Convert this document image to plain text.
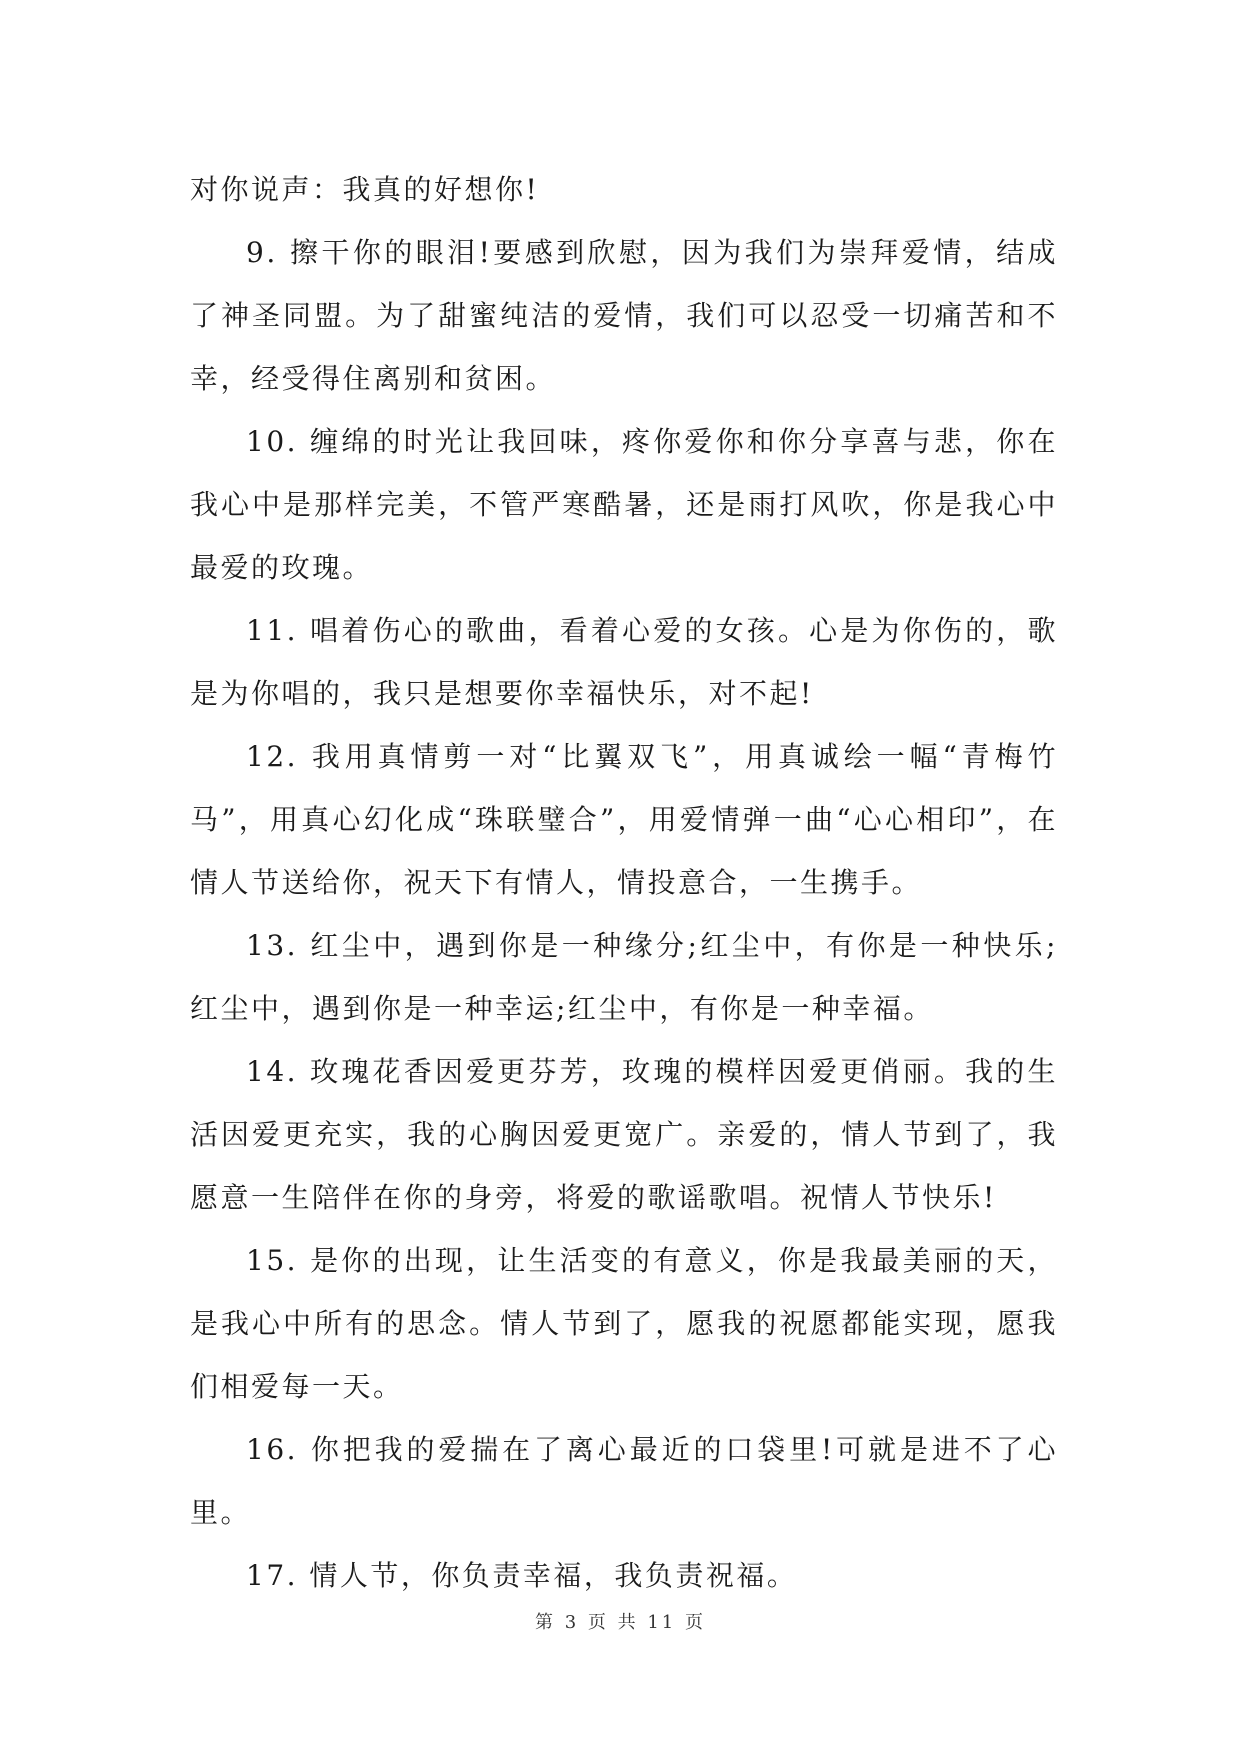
对你说声：我真的好想你!

9. 擦干你的眼泪!要感到欣慰，因为我们为崇拜爱情，结成了神圣同盟。为了甜蜜纯洁的爱情，我们可以忍受一切痛苦和不幸，经受得住离别和贫困。

10. 缠绵的时光让我回味，疼你爱你和你分享喜与悲，你在我心中是那样完美，不管严寒酷暑，还是雨打风吹，你是我心中最爱的玫瑰。

11. 唱着伤心的歌曲，看着心爱的女孩。心是为你伤的，歌是为你唱的，我只是想要你幸福快乐，对不起!

12. 我用真情剪一对“比翼双飞”，用真诚绘一幅“青梅竹马”，用真心幻化成“珠联璧合”，用爱情弹一曲“心心相印”，在情人节送给你，祝天下有情人，情投意合，一生携手。

13. 红尘中，遇到你是一种缘分;红尘中，有你是一种快乐;红尘中，遇到你是一种幸运;红尘中，有你是一种幸福。

14. 玫瑰花香因爱更芬芳，玫瑰的模样因爱更俏丽。我的生活因爱更充实，我的心胸因爱更宽广。亲爱的，情人节到了，我愿意一生陪伴在你的身旁，将爱的歌谣歌唱。祝情人节快乐!

15. 是你的出现，让生活变的有意义，你是我最美丽的天，是我心中所有的思念。情人节到了，愿我的祝愿都能实现，愿我们相爱每一天。

16. 你把我的爱揣在了离心最近的口袋里!可就是进不了心里。

17. 情人节，你负责幸福，我负责祝福。

第 3 页 共 11 页
